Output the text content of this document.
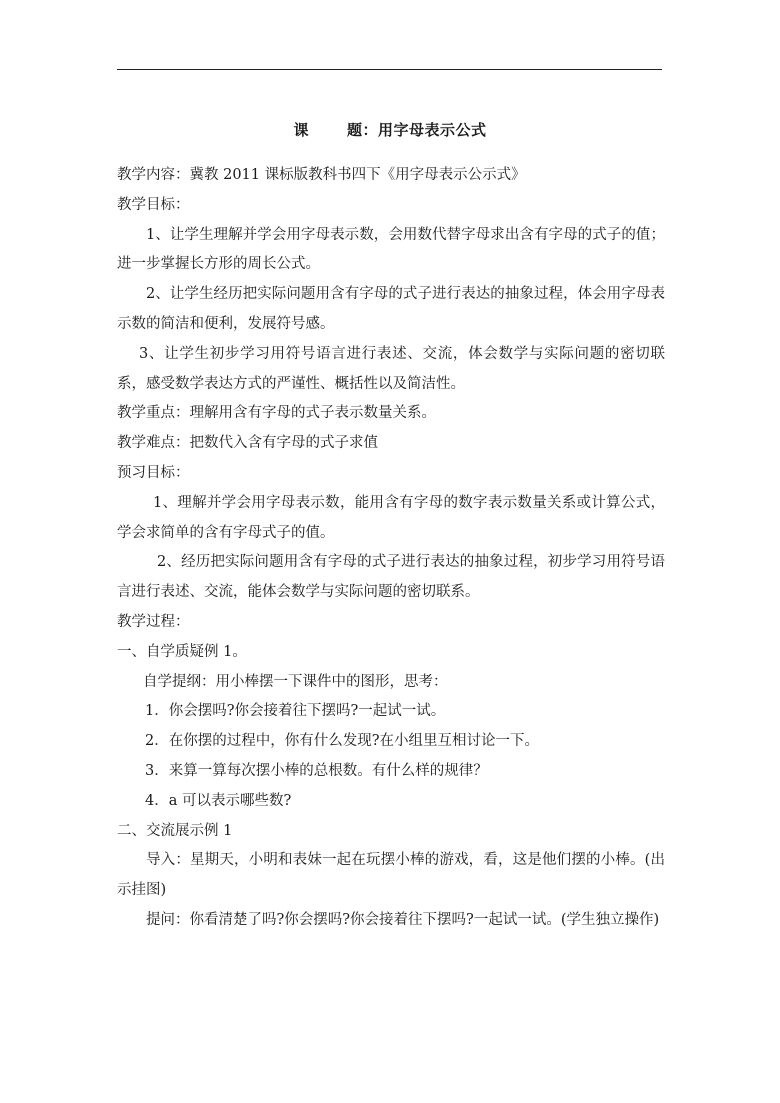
课	题：用字母表示公式

教学内容：冀教 2011 课标版教科书四下《用字母表示公示式》

教学目标：

1、让学生理解并学会用字母表示数，会用数代替字母求出含有字母的式子的值；进一步掌握长方形的周长公式。

2、让学生经历把实际问题用含有字母的式子进行表达的抽象过程，体会用字母表示数的简洁和便利，发展符号感。

3、让学生初步学习用符号语言进行表述、交流，体会数学与实际问题的密切联系，感受数学表达方式的严谨性、概括性以及简洁性。

教学重点：理解用含有字母的式子表示数量关系。

教学难点：把数代入含有字母的式子求值

预习目标：

1、理解并学会用字母表示数，能用含有字母的数字表示数量关系或计算公式，学会求简单的含有字母式子的值。

2、经历把实际问题用含有字母的式子进行表达的抽象过程，初步学习用符号语言进行表述、交流，能体会数学与实际问题的密切联系。

教学过程：

一、自学质疑例 1。

自学提纲：用小棒摆一下课件中的图形，思考：

1．你会摆吗?你会接着往下摆吗?一起试一试。

2．在你摆的过程中，你有什么发现?在小组里互相讨论一下。

3．来算一算每次摆小棒的总根数。有什么样的规律？

4．a 可以表示哪些数?

二、交流展示例 1

导入：星期天，小明和表妹一起在玩摆小棒的游戏，看，这是他们摆的小棒。(出示挂图)

提问：你看清楚了吗?你会摆吗?你会接着往下摆吗?一起试一试。(学生独立操作)
